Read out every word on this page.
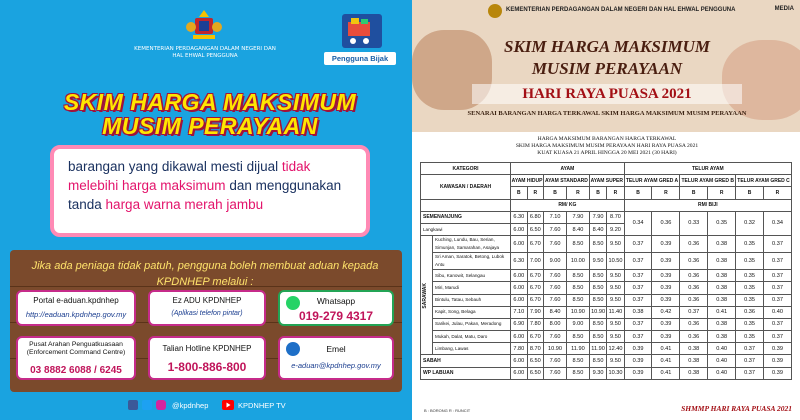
KEMENTERIAN PERDAGANGAN DALAM NEGERI DAN HAL EHWAL PENGGUNA	Pengguna Bijak
SKIM HARGA MAKSIMUM
MUSIM PERAYAAN

barangan yang dikawal mesti dijual tidak melebihi harga maksimum dan menggunakan tanda harga warna merah jambu

Jika ada peniaga tidak patuh, pengguna boleh membuat aduan kepada KPDNHEP melalui :
Portal e-aduan.kpdnhep
http://eaduan.kpdnhep.gov.my
Ez ADU KPDNHEP
(Aplikasi telefon pintar)
Whatsapp
019-279 4317
Pusat Arahan Penguatkuasaan (Enforcement Command Centre)
03 8882 6088 / 6245
Talian Hotline KPDNHEP
1-800-886-800
Emel
e-aduan@kpdnhep.gov.my
@kpdnhep	KPDNHEP TV
KEMENTERIAN PERDAGANGAN DALAM NEGERI DAN HAL EHWAL PENGGUNA	MEDIA
SKIM HARGA MAKSIMUM
MUSIM PERAYAAN
HARI RAYA PUASA 2021
SENARAI BARANGAN HARGA TERKAWAL SKIM HARGA MAKSIMUM MUSIM PERAYAAN
HARGA MAKSIMUM BARANGAN HARGA TERKAWAL
SKIM HARGA MAKSIMUM MUSIM PERAYAAN HARI RAYA PUASA 2021
KUAT KUASA 21 APRIL HINGGA 20 MEI 2021 (30 HARI)
KATEGORI		AYAM						TELUR AYAM					
KAWASAN / DAERAH		AYAM HIDUP		AYAM STANDARD		AYAM SUPER		TELUR AYAM GRED A		TELUR AYAM GRED B		TELUR AYAM GRED C	
		B	R	B	R	B	R	B	R	B	R	B	R
		RM/ KG						RM/ BIJI					
SEMENANJUNG		6.30	6.80	7.10	7.90	7.90	8.70	0.34	0.36	0.33	0.35	0.32	0.34
Langkawi		6.00	6.50	7.60	8.40	8.40	9.20						

SARAWAK	Kuching, Lundu, Bau, Serian, Simunjan, Samarahan, Asajaya	6.00	6.70	7.60	8.50	8.50	9.50	0.37	0.39	0.36	0.38	0.35	0.37
	Sri Aman, Saratok, Betong, Lubok Antu	6.30	7.00	9.00	10.00	9.50	10.50	0.37	0.39	0.36	0.38	0.35	0.37
	Sibu, Kanowit, Selangau	6.00	6.70	7.60	8.50	8.50	9.50	0.37	0.39	0.36	0.38	0.35	0.37
	Miri, Marudi	6.00	6.70	7.60	8.50	8.50	9.50	0.37	0.39	0.36	0.38	0.35	0.37
	Bintulu, Tatau, Sebauh	6.00	6.70	7.60	8.50	8.50	9.50	0.37	0.39	0.36	0.38	0.35	0.37
	Kapit, Song, Belaga	7.10	7.90	8.40	10.90	10.90	11.40	0.38	0.42	0.37	0.41	0.36	0.40
	Sarikei, Julau, Pakan, Meradong	6.90	7.80	8.00	9.00	8.50	9.50	0.37	0.39	0.36	0.38	0.35	0.37
	Mukah, Dalat, Matu, Daro	6.00	6.70	7.60	8.50	8.50	9.50	0.37	0.39	0.36	0.38	0.35	0.37
	Limbang, Lawas	7.80	8.70	10.90	11.90	11.90	12.40	0.39	0.41	0.38	0.40	0.37	0.39
SABAH		6.00	6.50	7.60	8.50	8.50	9.50	0.39	0.41	0.38	0.40	0.37	0.39
WP LABUAN		6.00	6.50	7.60	8.50	9.30	10.30	0.39	0.41	0.38	0.40	0.37	0.39
B : BORONG R : RUNCIT	SHMMP HARI RAYA PUASA 2021
